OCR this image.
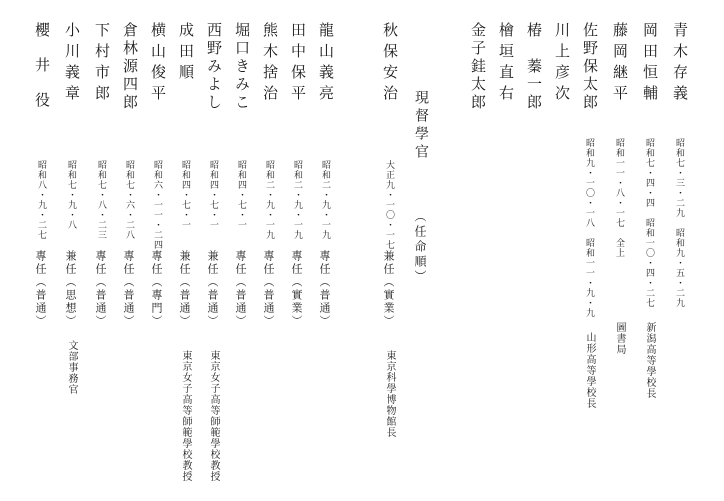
青木存義
昭和七・三・二九　昭和九・五・二九
岡田恒輔
昭和七・四・四　昭和一〇・四・二七
新潟高等學校長
藤岡継平
昭和一一・八・一七　全上
圖書局
佐野保太郎
昭和九・一〇・一八　昭和一一・九・九
山形高等學校長
川上彦次
椿　蓁一郎
檜垣直右
金子銈太郎
現督學官
（任命順）
秋保安治
大正九・一〇・一七
兼任（實業）
東京科學博物館長
龍山義亮
昭和二・九・一九
專任（普通）
田中保平
昭和二・九・一九
專任（實業）
熊木捨治
昭和二・九・一九
專任（普通）
堀口きみこ
昭和四・七・一
專任（普通）
西野みよし
昭和四・七・一
兼任（普通）
東京女子高等師範學校教授
成田順
昭和四・七・一
兼任（普通）
東京女子高等師範學校教授
横山俊平
昭和六・一一・二四
專任（專門）
倉林源四郎
昭和七・六・二八
專任（普通）
下村市郎
昭和七・八・二三
專任（普通）
小川義章
昭和七・九・八
兼任（思想）
文部事務官
櫻井役
昭和八・九・二七
專任（普通）
